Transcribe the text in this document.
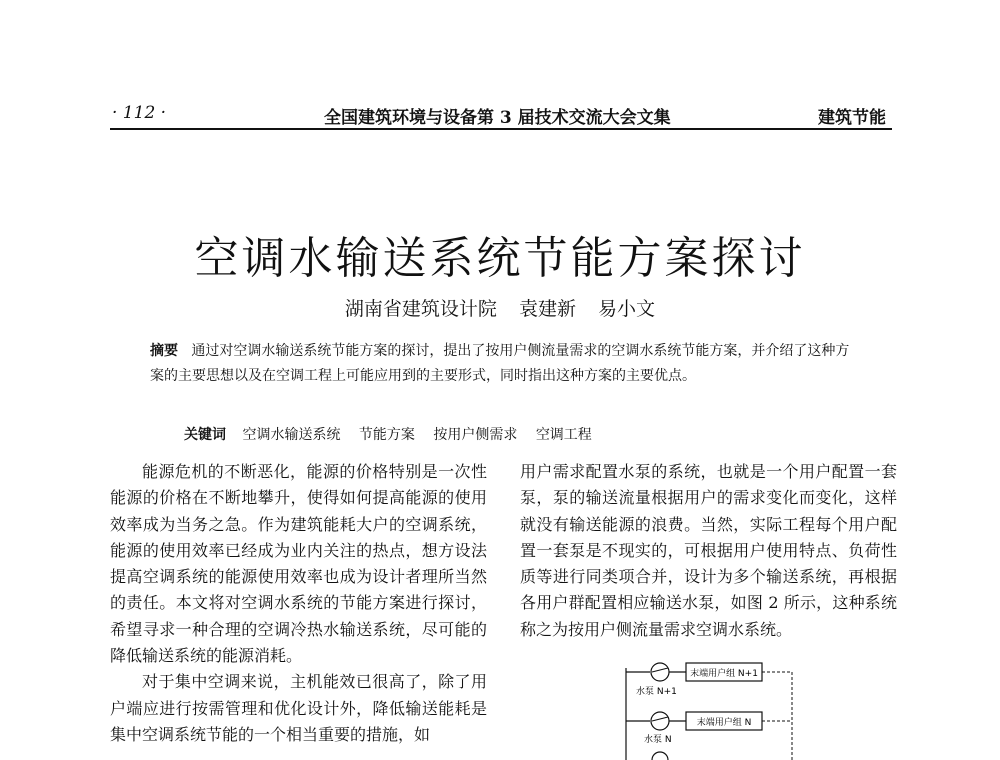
· 112 ·	全国建筑环境与设备第 3 届技术交流大会文集	建筑节能
空调水输送系统节能方案探讨
湖南省建筑设计院 袁建新 易小文
摘要 通过对空调水输送系统节能方案的探讨，提出了按用户侧流量需求的空调水系统节能方案，并介绍了这种方案的主要思想以及在空调工程上可能应用到的主要形式，同时指出这种方案的主要优点。
关键词 空调水输送系统 节能方案 按用户侧需求 空调工程

能源危机的不断恶化，能源的价格特别是一次性能源的价格在不断地攀升，使得如何提高能源的使用效率成为当务之急。作为建筑能耗大户的空调系统，能源的使用效率已经成为业内关注的热点，想方设法提高空调系统的能源使用效率也成为设计者理所当然的责任。本文将对空调水系统的节能方案进行探讨，希望寻求一种合理的空调冷热水输送系统，尽可能的降低输送系统的能源消耗。

对于集中空调来说，主机能效已很高了，除了用户端应进行按需管理和优化设计外，降低输送能耗是集中空调系统节能的一个相当重要的措施，如

用户需求配置水泵的系统，也就是一个用户配置一套泵，泵的输送流量根据用户的需求变化而变化，这样就没有输送能源的浪费。当然，实际工程每个用户配置一套泵是不现实的，可根据用户使用特点、负荷性质等进行同类项合并，设计为多个输送系统，再根据各用户群配置相应输送水泵，如图 2 所示，这种系统称之为按用户侧流量需求空调水系统。

末端用户组 N+1
水泵 N+1
末端用户组 N
水泵 N
